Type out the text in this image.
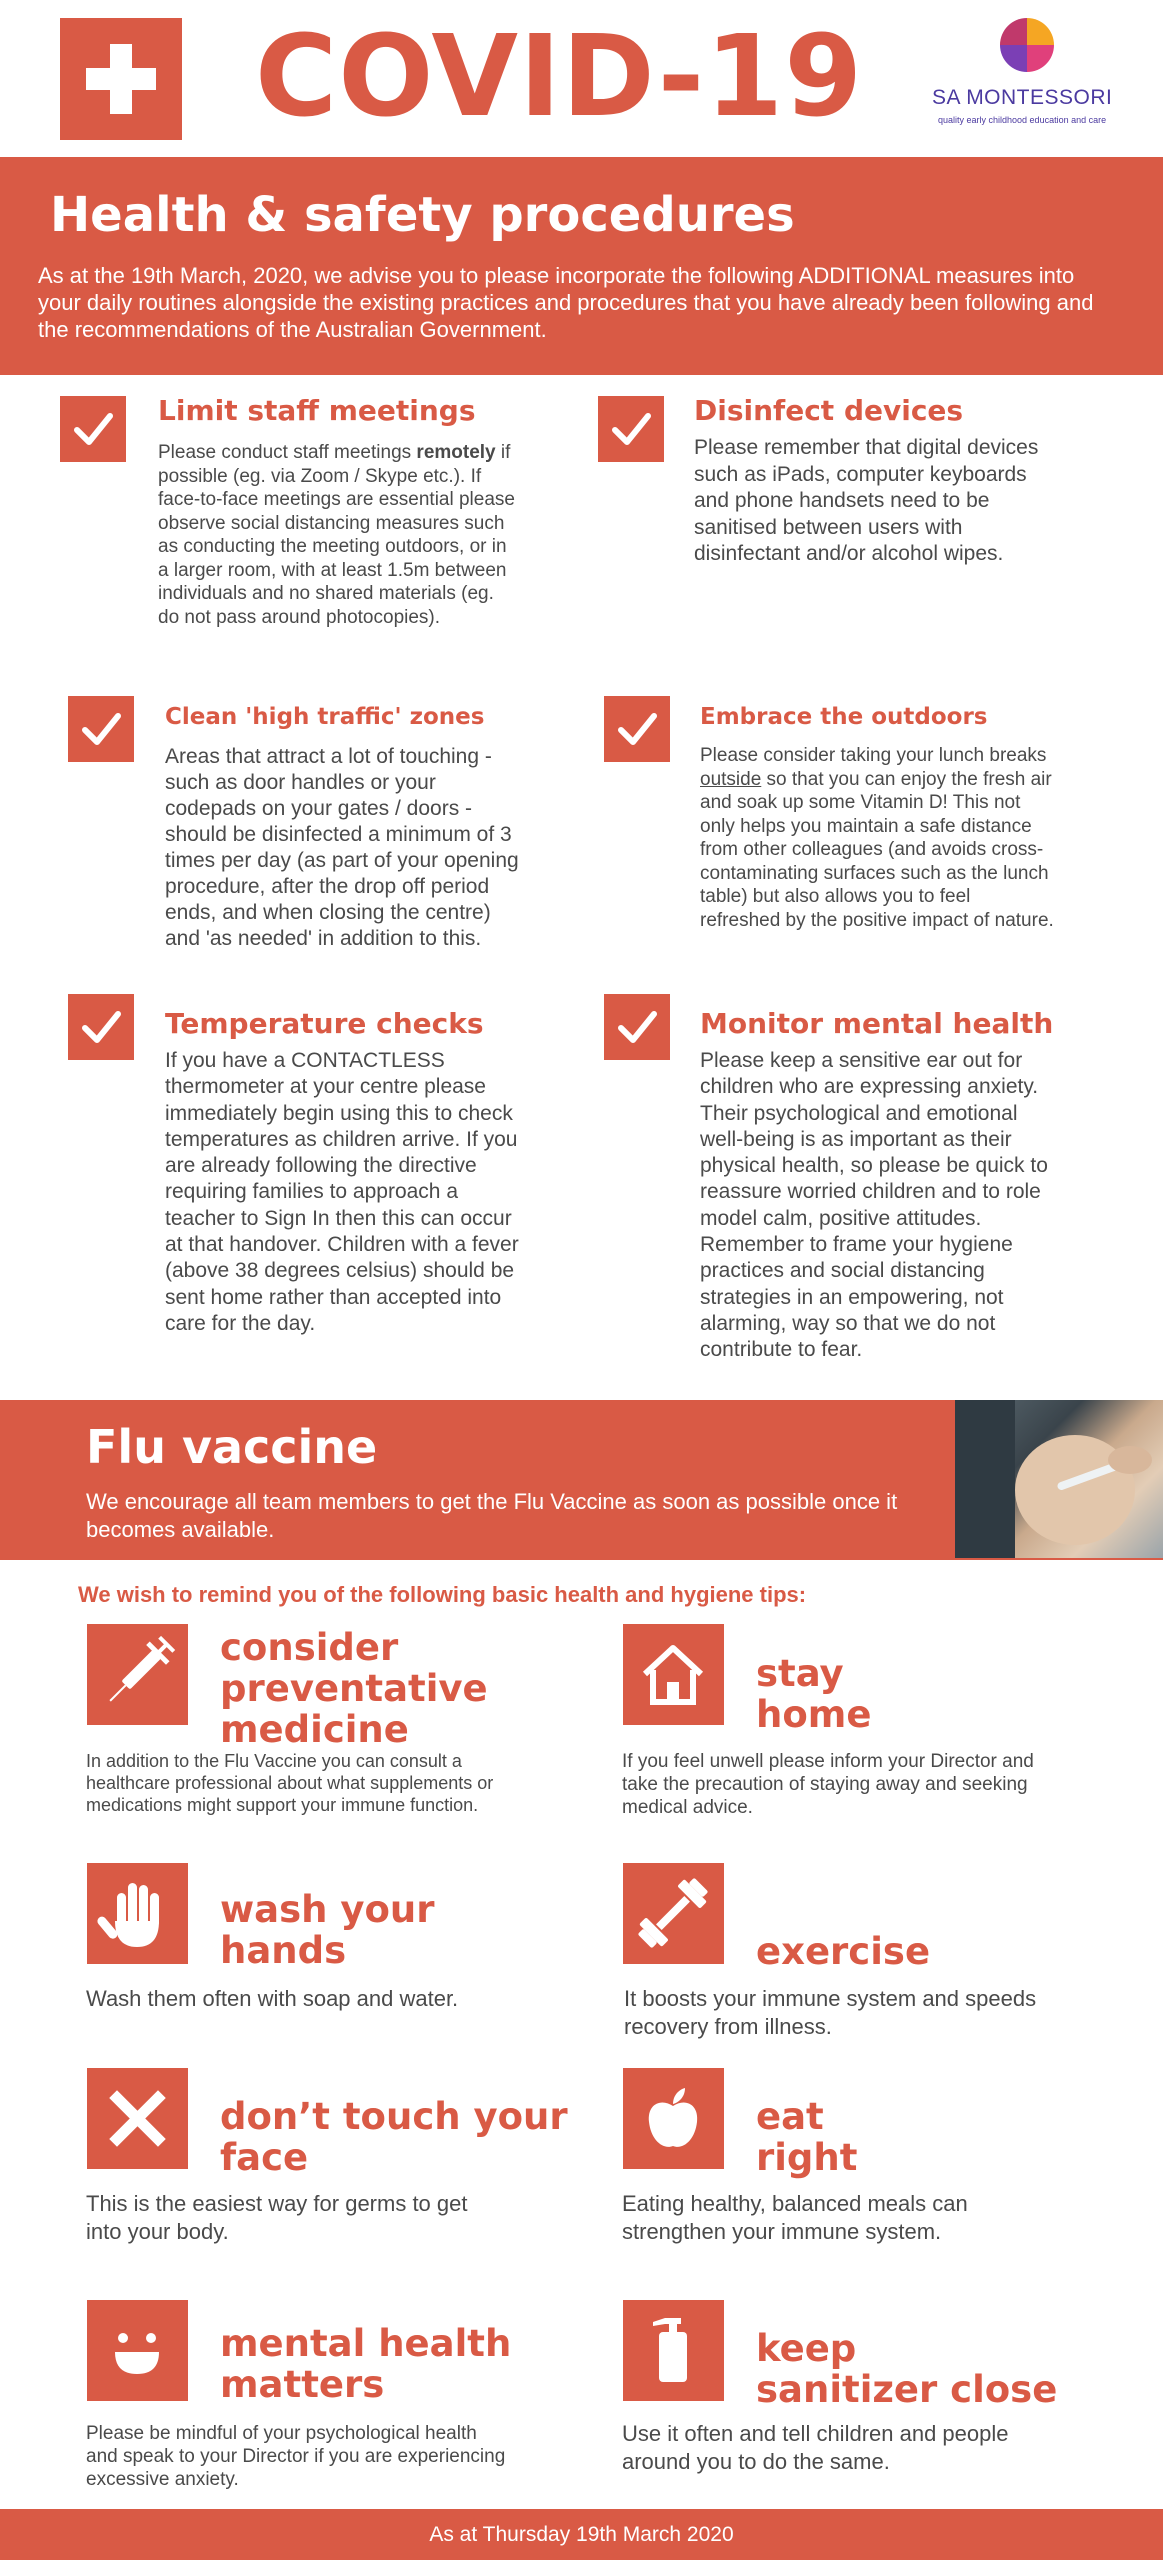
COVID-19	SA MONTESSORI
quality early childhood education and care
Health & safety procedures

As at the 19th March, 2020, we advise you to please incorporate the following ADDITIONAL measures into your daily routines alongside the existing practices and procedures that you have already been following and the recommendations of the Australian Government.

Limit staff meetings
Please conduct staff meetings remotely if possible (eg. via Zoom / Skype etc.). If face-to-face meetings are essential please observe social distancing measures such as conducting the meeting outdoors, or in a larger room, with at least 1.5m between individuals and no shared materials (eg. do not pass around photocopies).
Disinfect devices
Please remember that digital devices such as iPads, computer keyboards and phone handsets need to be sanitised between users with disinfectant and/or alcohol wipes.
Clean 'high traffic' zones
Areas that attract a lot of touching - such as door handles or your codepads on your gates / doors - should be disinfected a minimum of 3 times per day (as part of your opening procedure, after the drop off period ends, and when closing the centre) and 'as needed' in addition to this.
Embrace the outdoors
Please consider taking your lunch breaks outside so that you can enjoy the fresh air and soak up some Vitamin D! This not only helps you maintain a safe distance from other colleagues (and avoids cross-contaminating surfaces such as the lunch table) but also allows you to feel refreshed by the positive impact of nature.
Temperature checks
If you have a CONTACTLESS thermometer at your centre please immediately begin using this to check temperatures as children arrive. If you are already following the directive requiring families to approach a teacher to Sign In then this can occur at that handover. Children with a fever (above 38 degrees celsius) should be sent home rather than accepted into care for the day.
Monitor mental health
Please keep a sensitive ear out for children who are expressing anxiety. Their psychological and emotional well-being is as important as their physical health, so please be quick to reassure worried children and to role model calm, positive attitudes. Remember to frame your hygiene practices and social distancing strategies in an empowering, not alarming, way so that we do not contribute to fear.
Flu vaccine

We encourage all team members to get the Flu Vaccine as soon as possible once it becomes available.

We wish to remind you of the following basic health and hygiene tips:
consider
preventative
medicine
In addition to the Flu Vaccine you can consult a healthcare professional about what supplements or medications might support your immune function.
stay
home
If you feel unwell please inform your Director and take the precaution of staying away and seeking medical advice.
wash your
hands
Wash them often with soap and water.
exercise
It boosts your immune system and speeds recovery from illness.
don’t touch your
face
This is the easiest way for germs to get into your body.
eat
right
Eating healthy, balanced meals can strengthen your immune system.
mental health
matters
Please be mindful of your psychological health and speak to your Director if you are experiencing excessive anxiety.
keep
sanitizer close
Use it often and tell children and people around you to do the same.
As at Thursday 19th March 2020
